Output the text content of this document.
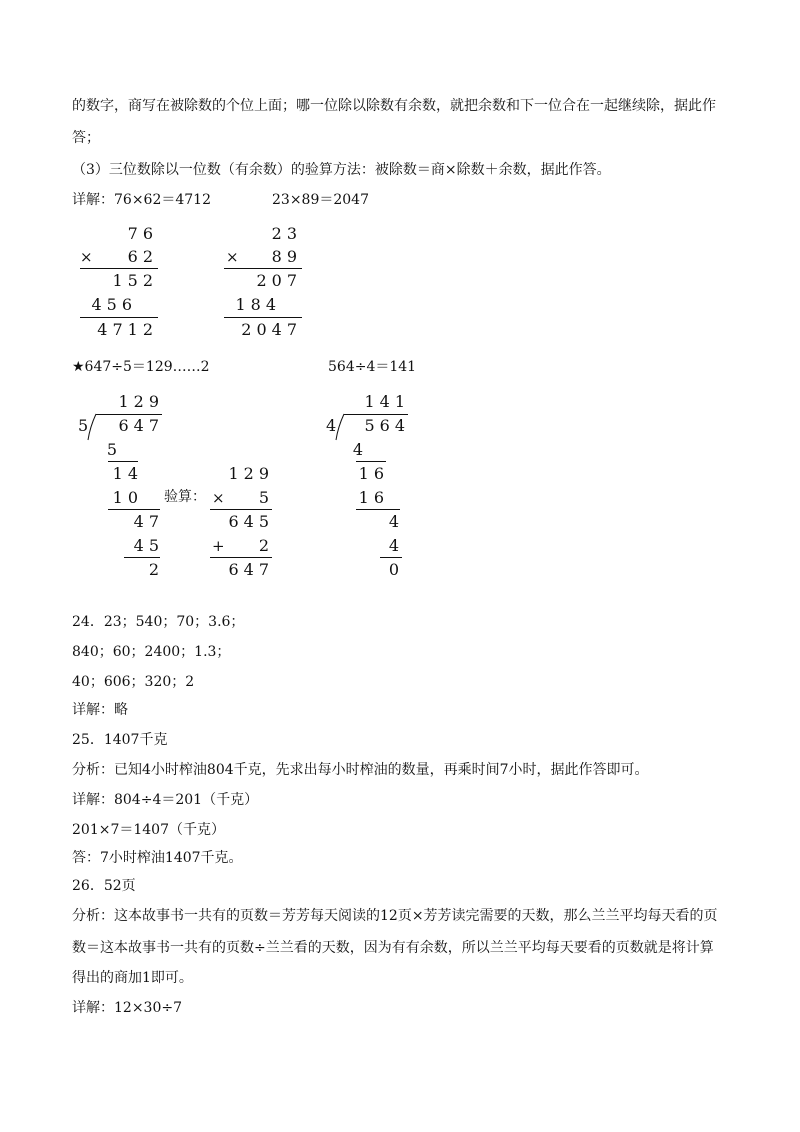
的数字，商写在被除数的个位上面；哪一位除以除数有余数，就把余数和下一位合在一起继续除，据此作
答；
（3）三位数除以一位数（有余数）的验算方法：被除数＝商×除数＋余数，据此作答。
详解：76×62＝4712	23×89＝2047
76
×	62
152
456
4712
23
×	89
207
184
2047
★647÷5＝129……2	564÷4＝141
129
5	647
5
14
10
47
45
2
验算：
129
×	5
645
+	2
647
141
4	564
4
16
16
4
4
0
24．23；540；70；3.6；
840；60；2400；1.3；
40；606；320；2
详解：略
25．1407千克
分析：已知4小时榨油804千克，先求出每小时榨油的数量，再乘时间7小时，据此作答即可。
详解：804÷4＝201（千克）
201×7＝1407（千克）
答：7小时榨油1407千克。
26．52页
分析：这本故事书一共有的页数＝芳芳每天阅读的12页×芳芳读完需要的天数，那么兰兰平均每天看的页
数＝这本故事书一共有的页数÷兰兰看的天数，因为有有余数，所以兰兰平均每天要看的页数就是将计算
得出的商加1即可。
详解：12×30÷7
